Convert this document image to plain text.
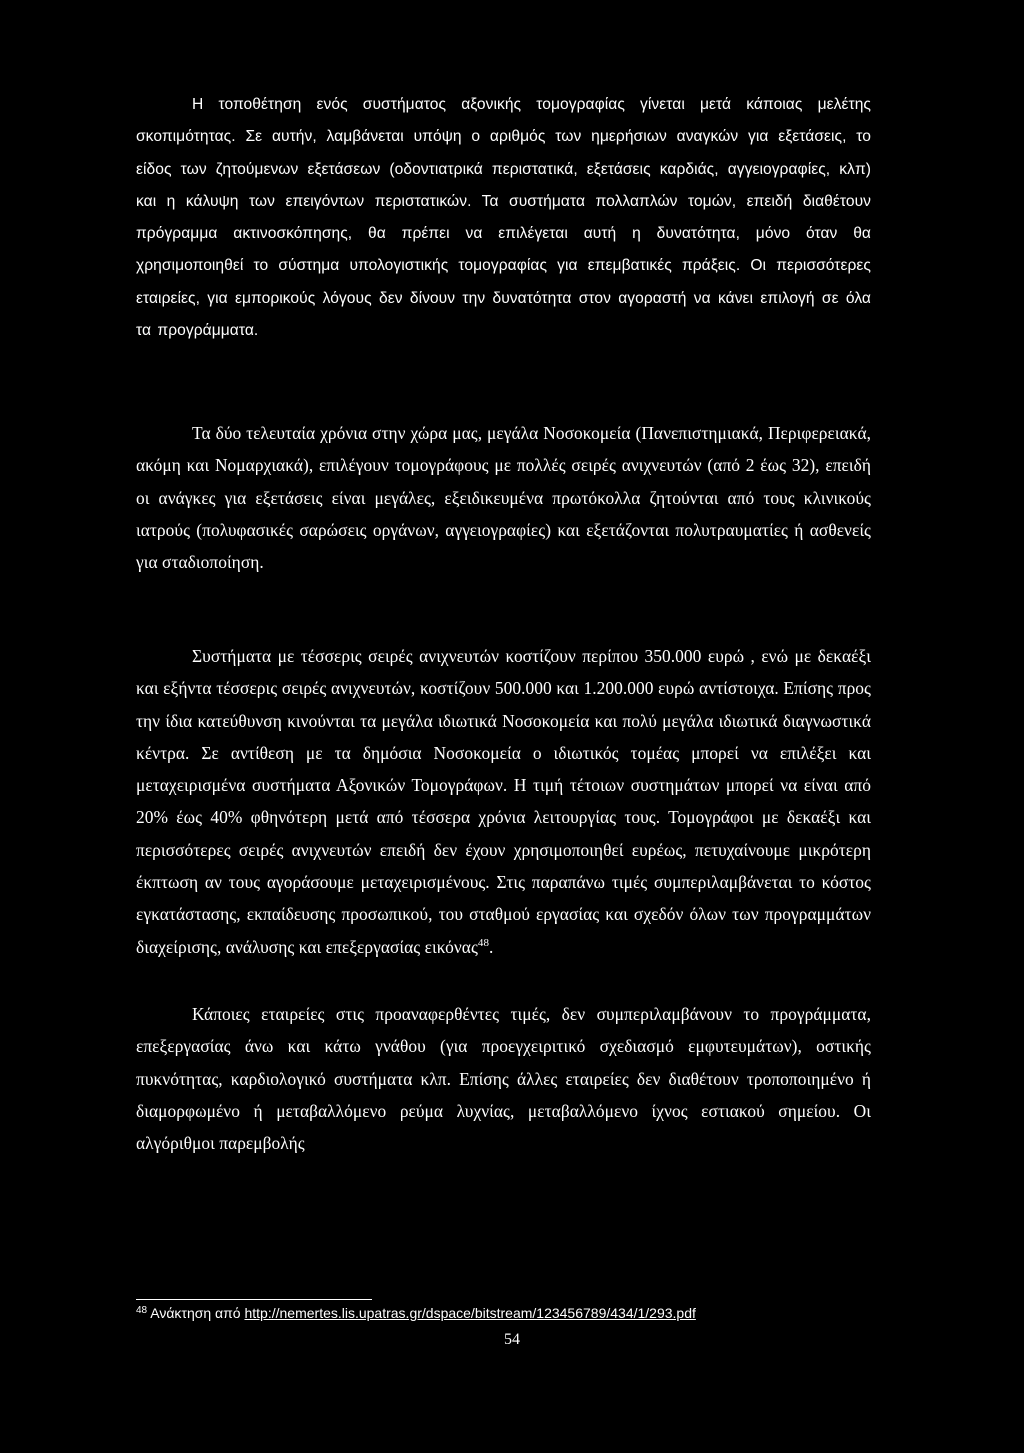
Η τοποθέτηση ενός συστήματος αξονικής τομογραφίας γίνεται μετά κάποιας μελέτης σκοπιμότητας. Σε αυτήν, λαμβάνεται υπόψη ο αριθμός των ημερήσιων αναγκών για εξετάσεις, το είδος των ζητούμενων εξετάσεων (οδοντιατρικά περιστατικά, εξετάσεις καρδιάς, αγγειογραφίες, κλπ) και η κάλυψη των επειγόντων περιστατικών. Τα συστήματα πολλαπλών τομών, επειδή διαθέτουν πρόγραμμα ακτινοσκόπησης, θα πρέπει να επιλέγεται αυτή η δυνατότητα, μόνο όταν θα χρησιμοποιηθεί το σύστημα υπολογιστικής τομογραφίας για επεμβατικές πράξεις. Οι περισσότερες εταιρείες, για εμπορικούς λόγους δεν δίνουν την δυνατότητα στον αγοραστή να κάνει επιλογή σε όλα τα προγράμματα.

Τα δύο τελευταία χρόνια στην χώρα μας, μεγάλα Νοσοκομεία (Πανεπιστημιακά, Περιφερειακά, ακόμη και Νομαρχιακά), επιλέγουν τομογράφους με πολλές σειρές ανιχνευτών (από 2 έως 32), επειδή οι ανάγκες για εξετάσεις είναι μεγάλες, εξειδικευμένα πρωτόκολλα ζητούνται από τους κλινικούς ιατρούς (πολυφασικές σαρώσεις οργάνων, αγγειογραφίες) και εξετάζονται πολυτραυματίες ή ασθενείς για σταδιοποίηση.

Συστήματα με τέσσερις σειρές ανιχνευτών κοστίζουν περίπου 350.000 ευρώ , ενώ με δεκαέξι και εξήντα τέσσερις σειρές ανιχνευτών, κοστίζουν 500.000 και 1.200.000 ευρώ αντίστοιχα. Επίσης προς την ίδια κατεύθυνση κινούνται τα μεγάλα ιδιωτικά Νοσοκομεία και πολύ μεγάλα ιδιωτικά διαγνωστικά κέντρα. Σε αντίθεση με τα δημόσια Νοσοκομεία ο ιδιωτικός τομέας μπορεί να επιλέξει και μεταχειρισμένα συστήματα Αξονικών Τομογράφων. Η τιμή τέτοιων συστημάτων μπορεί να είναι από 20% έως 40% φθηνότερη μετά από τέσσερα χρόνια λειτουργίας τους. Τομογράφοι με δεκαέξι και περισσότερες σειρές ανιχνευτών επειδή δεν έχουν χρησιμοποιηθεί ευρέως, πετυχαίνουμε μικρότερη έκπτωση αν τους αγοράσουμε μεταχειρισμένους. Στις παραπάνω τιμές συμπεριλαμβάνεται το κόστος εγκατάστασης, εκπαίδευσης προσωπικού, του σταθμού εργασίας και σχεδόν όλων των προγραμμάτων διαχείρισης, ανάλυσης και επεξεργασίας εικόνας$^{48}$.

Κάποιες εταιρείες στις προαναφερθέντες τιμές, δεν συμπεριλαμβάνουν το προγράμματα, επεξεργασίας άνω και κάτω γνάθου (για προεγχειριτικό σχεδιασμό εμφυτευμάτων), οστικής πυκνότητας, καρδιολογικό συστήματα κλπ. Επίσης άλλες εταιρείες δεν διαθέτουν τροποποιημένο ή διαμορφωμένο ή μεταβαλλόμενο ρεύμα λυχνίας, μεταβαλλόμενο ίχνος εστιακού σημείου. Οι αλγόριθμοι παρεμβολής

$^{48}$ Ανάκτηση από http://nemertes.lis.upatras.gr/dspace/bitstream/123456789/434/1/293.pdf
54
